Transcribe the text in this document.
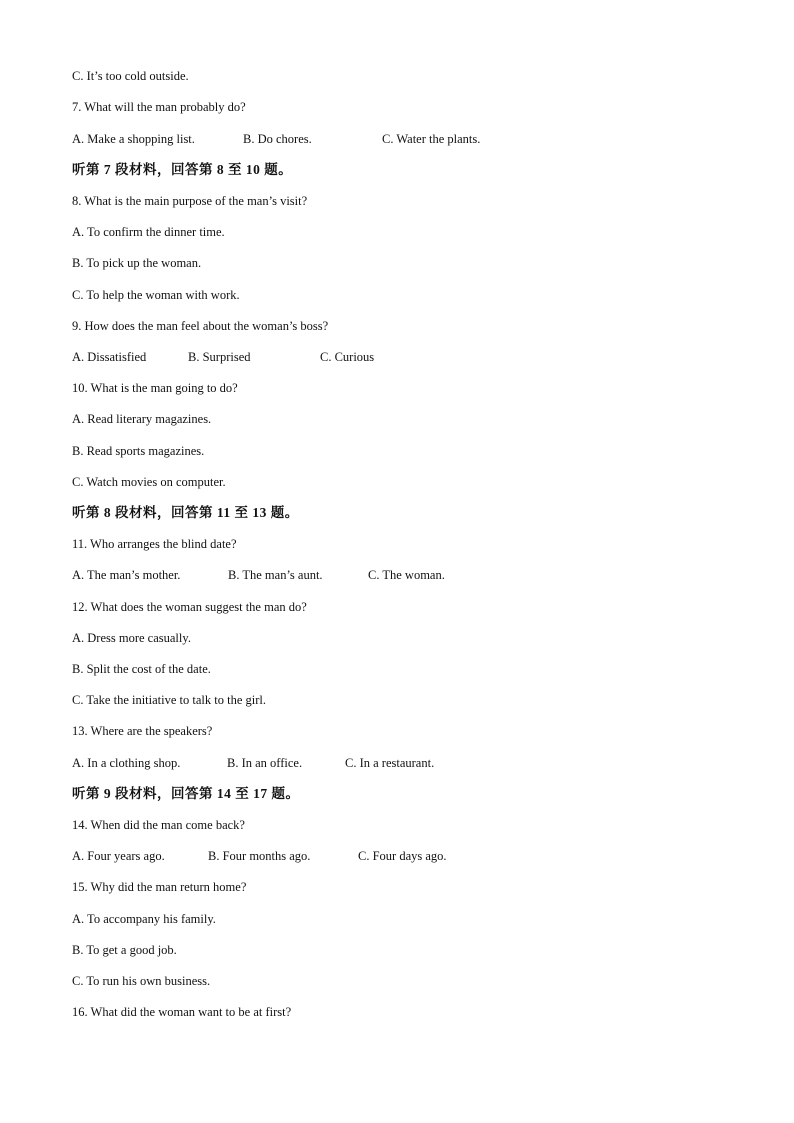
C. It’s too cold outside.
7. What will the man probably do?
A. Make a shopping list.	B. Do chores.	C. Water the plants.
听第 7 段材料，回答第 8 至 10 题。
8. What is the main purpose of the man’s visit?
A. To confirm the dinner time.
B. To pick up the woman.
C. To help the woman with work.
9. How does the man feel about the woman’s boss?
A. Dissatisfied	B. Surprised	C. Curious
10. What is the man going to do?
A. Read literary magazines.
B. Read sports magazines.
C. Watch movies on computer.
听第 8 段材料，回答第 11 至 13 题。
11. Who arranges the blind date?
A. The man’s mother.	B. The man’s aunt.	C. The woman.
12. What does the woman suggest the man do?
A. Dress more casually.
B. Split the cost of the date.
C. Take the initiative to talk to the girl.
13. Where are the speakers?
A. In a clothing shop.	B. In an office.	C. In a restaurant.
听第 9 段材料，回答第 14 至 17 题。
14. When did the man come back?
A. Four years ago.	B. Four months ago.	C. Four days ago.
15. Why did the man return home?
A. To accompany his family.
B. To get a good job.
C. To run his own business.
16. What did the woman want to be at first?
